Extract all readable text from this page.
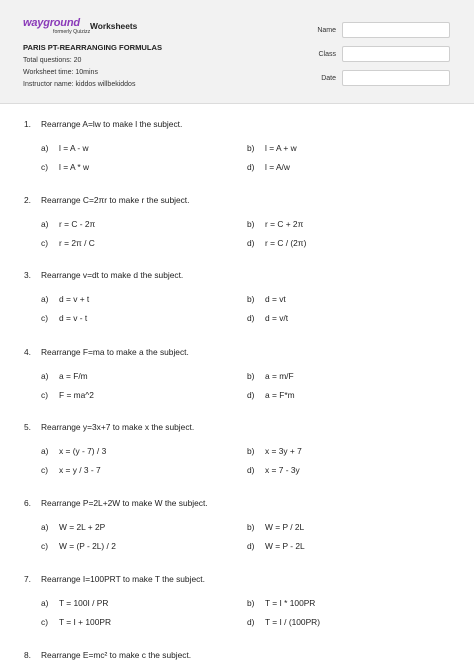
wayground
formerly Quizizz
Worksheets
PARIS PT-REARRANGING FORMULAS
Total questions: 20
Worksheet time: 10mins
Instructor name: kiddos willbekiddos
Name
Class
Date
1. Rearrange A=lw to make l the subject.
a) l = A - w	b) l = A + w
c) l = A * w	d) l = A/w
2. Rearrange C=2πr to make r the subject.
a) r = C - 2π	b) r = C + 2π
c) r = 2π / C	d) r = C / (2π)
3. Rearrange v=dt to make d the subject.
a) d = v + t	b) d = vt
c) d = v - t	d) d = v/t
4. Rearrange F=ma to make a the subject.
a) a = F/m	b) a = m/F
c) F = ma^2	d) a = F*m
5. Rearrange y=3x+7 to make x the subject.
a) x = (y - 7) / 3	b) x = 3y + 7
c) x = y / 3 - 7	d) x = 7 - 3y
6. Rearrange P=2L+2W to make W the subject.
a) W = 2L + 2P	b) W = P / 2L
c) W = (P - 2L) / 2	d) W = P - 2L
7. Rearrange I=100PRT to make T the subject.
a) T = 100I / PR	b) T = I * 100PR
c) T = I + 100PR	d) T = I / (100PR)
8. Rearrange E=mc² to make c the subject.
